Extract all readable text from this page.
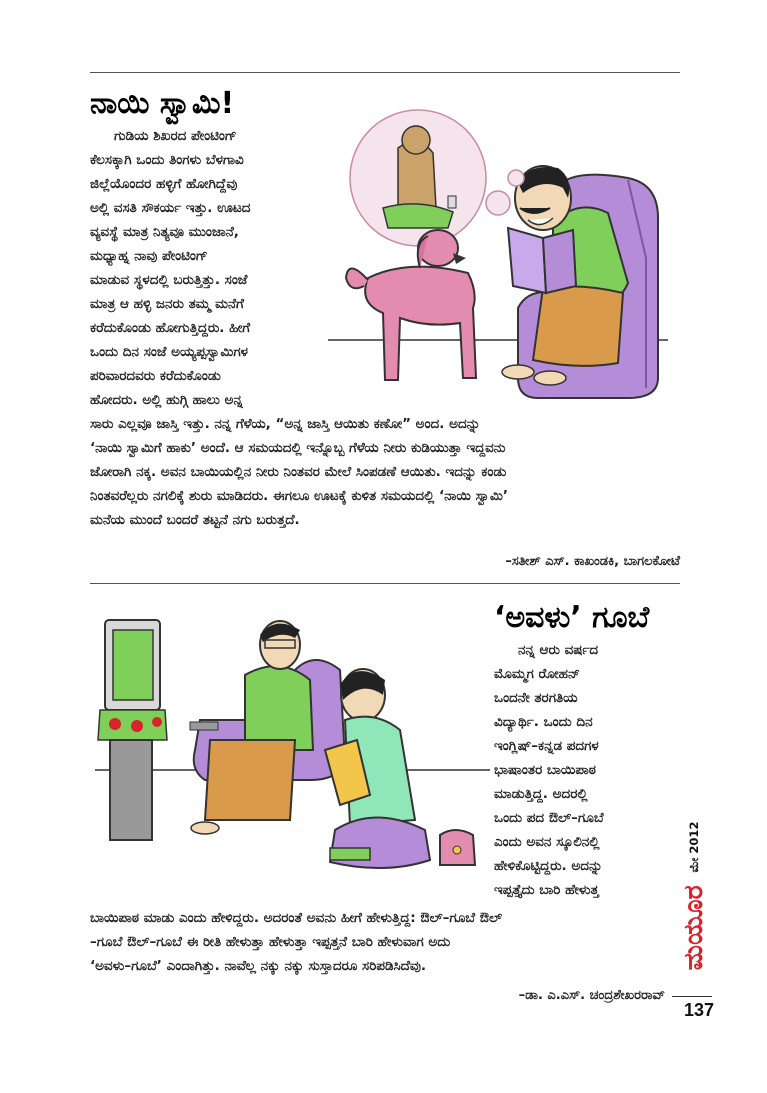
ನಾಯಿ ಸ್ವಾಮಿ!
ಗುಡಿಯ ಶಿಖರದ ಪೇಂಟಿಂಗ್
ಕೆಲಸಕ್ಕಾಗಿ ಒಂದು ತಿಂಗಳು ಬೆಳಗಾವಿ
ಜಿಲ್ಲೆಯೊಂದರ ಹಳ್ಳಿಗೆ ಹೋಗಿದ್ದೆವು
ಅಲ್ಲಿ ವಸತಿ ಸೌಕರ್ಯ ಇತ್ತು. ಊಟದ
ವ್ಯವಸ್ಥೆ ಮಾತ್ರ ನಿತ್ಯವೂ ಮುಂಜಾನೆ,
ಮಧ್ಯಾಹ್ನ ನಾವು ಪೇಂಟಿಂಗ್
ಮಾಡುವ ಸ್ಥಳದಲ್ಲಿ ಬರುತ್ತಿತ್ತು. ಸಂಜೆ
ಮಾತ್ರ ಆ ಹಳ್ಳಿ ಜನರು ತಮ್ಮ ಮನೆಗೆ
ಕರೆದುಕೊಂಡು ಹೋಗುತ್ತಿದ್ದರು. ಹೀಗೆ
ಒಂದು ದಿನ ಸಂಜೆ ಅಯ್ಯಪ್ಪಸ್ವಾಮಿಗಳ
ಪರಿವಾರದವರು ಕರೆದುಕೊಂಡು
ಹೋದರು. ಅಲ್ಲಿ ಹುಗ್ಗಿ ಹಾಲು ಅನ್ನ
ಸಾರು ಎಲ್ಲವೂ ಜಾಸ್ತಿ ಇತ್ತು. ನನ್ನ ಗೆಳೆಯ, “ಅನ್ನ ಜಾಸ್ತಿ ಆಯಿತು ಕಣೋ” ಅಂದ. ಅದನ್ನು
‘ನಾಯಿ ಸ್ವಾಮಿಗೆ ಹಾಕು’ ಅಂದೆ. ಆ ಸಮಯದಲ್ಲಿ ಇನ್ನೊಬ್ಬ ಗೆಳೆಯ ನೀರು ಕುಡಿಯುತ್ತಾ ಇದ್ದವನು
ಜೋರಾಗಿ ನಕ್ಕ. ಅವನ ಬಾಯಿಯಲ್ಲಿನ ನೀರು ನಿಂತವರ ಮೇಲೆ ಸಿಂಪಡಣೆ ಆಯಿತು. ಇದನ್ನು ಕಂಡು
ನಿಂತವರೆಲ್ಲರು ನಗಲಿಕ್ಕೆ ಶುರು ಮಾಡಿದರು. ಈಗಲೂ ಊಟಕ್ಕೆ ಕುಳಿತ ಸಮಯದಲ್ಲಿ ‘ನಾಯಿ ಸ್ವಾಮಿ’
ಮನೆಯ ಮುಂದೆ ಬಂದರೆ ತಟ್ಟನೆ ನಗು ಬರುತ್ತದೆ.
–ಸತೀಶ್ ಎಸ್. ಕಾಖಂಡಕಿ, ಬಾಗಲಕೋಟೆ
‘ಅವಳು’ ಗೂಬೆ
ನನ್ನ ಆರು ವರ್ಷದ
ಮೊಮ್ಮಗ ರೋಹನ್
ಒಂದನೇ ತರಗತಿಯ
ವಿದ್ಯಾರ್ಥಿ. ಒಂದು ದಿನ
ಇಂಗ್ಲಿಷ್–ಕನ್ನಡ ಪದಗಳ
ಭಾಷಾಂತರ ಬಾಯಿಪಾಠ
ಮಾಡುತ್ತಿದ್ದ. ಅದರಲ್ಲಿ
ಒಂದು ಪದ ಔಲ್–ಗೂಬೆ
ಎಂದು ಅವನ ಸ್ಕೂಲಿನಲ್ಲಿ
ಹೇಳಿಕೊಟ್ಟಿದ್ದರು. ಅದನ್ನು
ಇಪ್ಪತ್ತೈದು ಬಾರಿ ಹೇಳುತ್ತ
ಬಾಯಿಪಾಠ ಮಾಡು ಎಂದು ಹೇಳಿದ್ದರು. ಅದರಂತೆ ಅವನು ಹೀಗೆ ಹೇಳುತ್ತಿದ್ದ: ಔಲ್–ಗೂಬೆ ಔಲ್
–ಗೂಬೆ ಔಲ್–ಗೂಬೆ ಈ ರೀತಿ ಹೇಳುತ್ತಾ ಹೇಳುತ್ತಾ ಇಪ್ಪತ್ತನೆ ಬಾರಿ ಹೇಳುವಾಗ ಅದು
‘ಅವಳು–ಗೂಬೆ’ ಎಂದಾಗಿತ್ತು. ನಾವೆಲ್ಲ ನಕ್ಕು ನಕ್ಕು ಸುಸ್ತಾದರೂ ಸರಿಪಡಿಸಿದೆವು.
–ಡಾ. ಎ.ಎಸ್. ಚಂದ್ರಶೇಖರರಾವ್
ಮೇ 2012
ಮಯೂರ
137
